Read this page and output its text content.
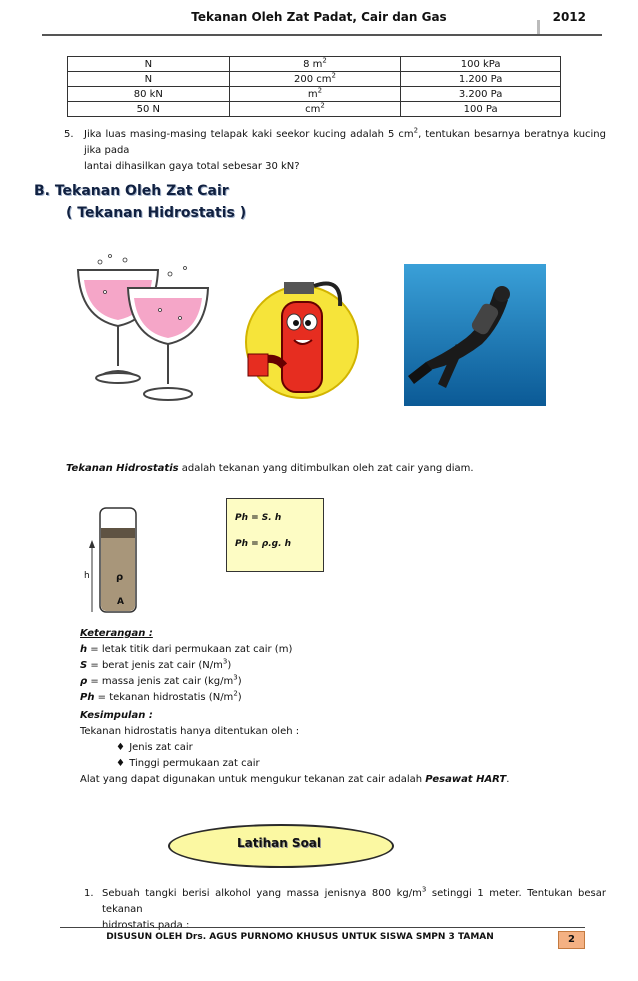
Tekanan Oleh Zat Padat, Cair dan Gas	2012
N	8 $m^2$	100 kPa
N	200 $cm^2$	1.200 Pa
80 kN	$m^2$	3.200 Pa
50 N	$cm^2$	100 Pa
5. Jika luas masing-masing telapak kaki seekor kucing adalah 5 $cm^2$, tentukan besarnya beratnya kucing jika pada
lantai dihasilkan gaya total sebesar 30 kN?
B. Tekanan Oleh Zat Cair
( Tekanan Hidrostatis )
Tekanan Hidrostatis adalah tekanan yang ditimbulkan oleh zat cair yang diam.
h	ρ
A
Ph = S. h
Ph = ρ.g. h
Keterangan :
h = letak titik dari permukaan zat cair (m)
S = berat jenis zat cair $(N/m^3)$
ρ = massa jenis zat cair $(kg/m^3)$
Ph = tekanan hidrostatis $(N/m^2)$
Kesimpulan :
Tekanan hidrostatis hanya ditentukan oleh :
♦ Jenis zat cair
♦ Tinggi permukaan zat cair
Alat yang dapat digunakan untuk mengukur tekanan zat cair adalah Pesawat HART.
Latihan Soal
1. Sebuah tangki berisi alkohol yang massa jenisnya 800 $kg/m^3$ setinggi 1 meter. Tentukan besar tekanan
hidrostatis pada :
DISUSUN OLEH Drs. AGUS PURNOMO KHUSUS UNTUK SISWA SMPN 3 TAMAN	2
